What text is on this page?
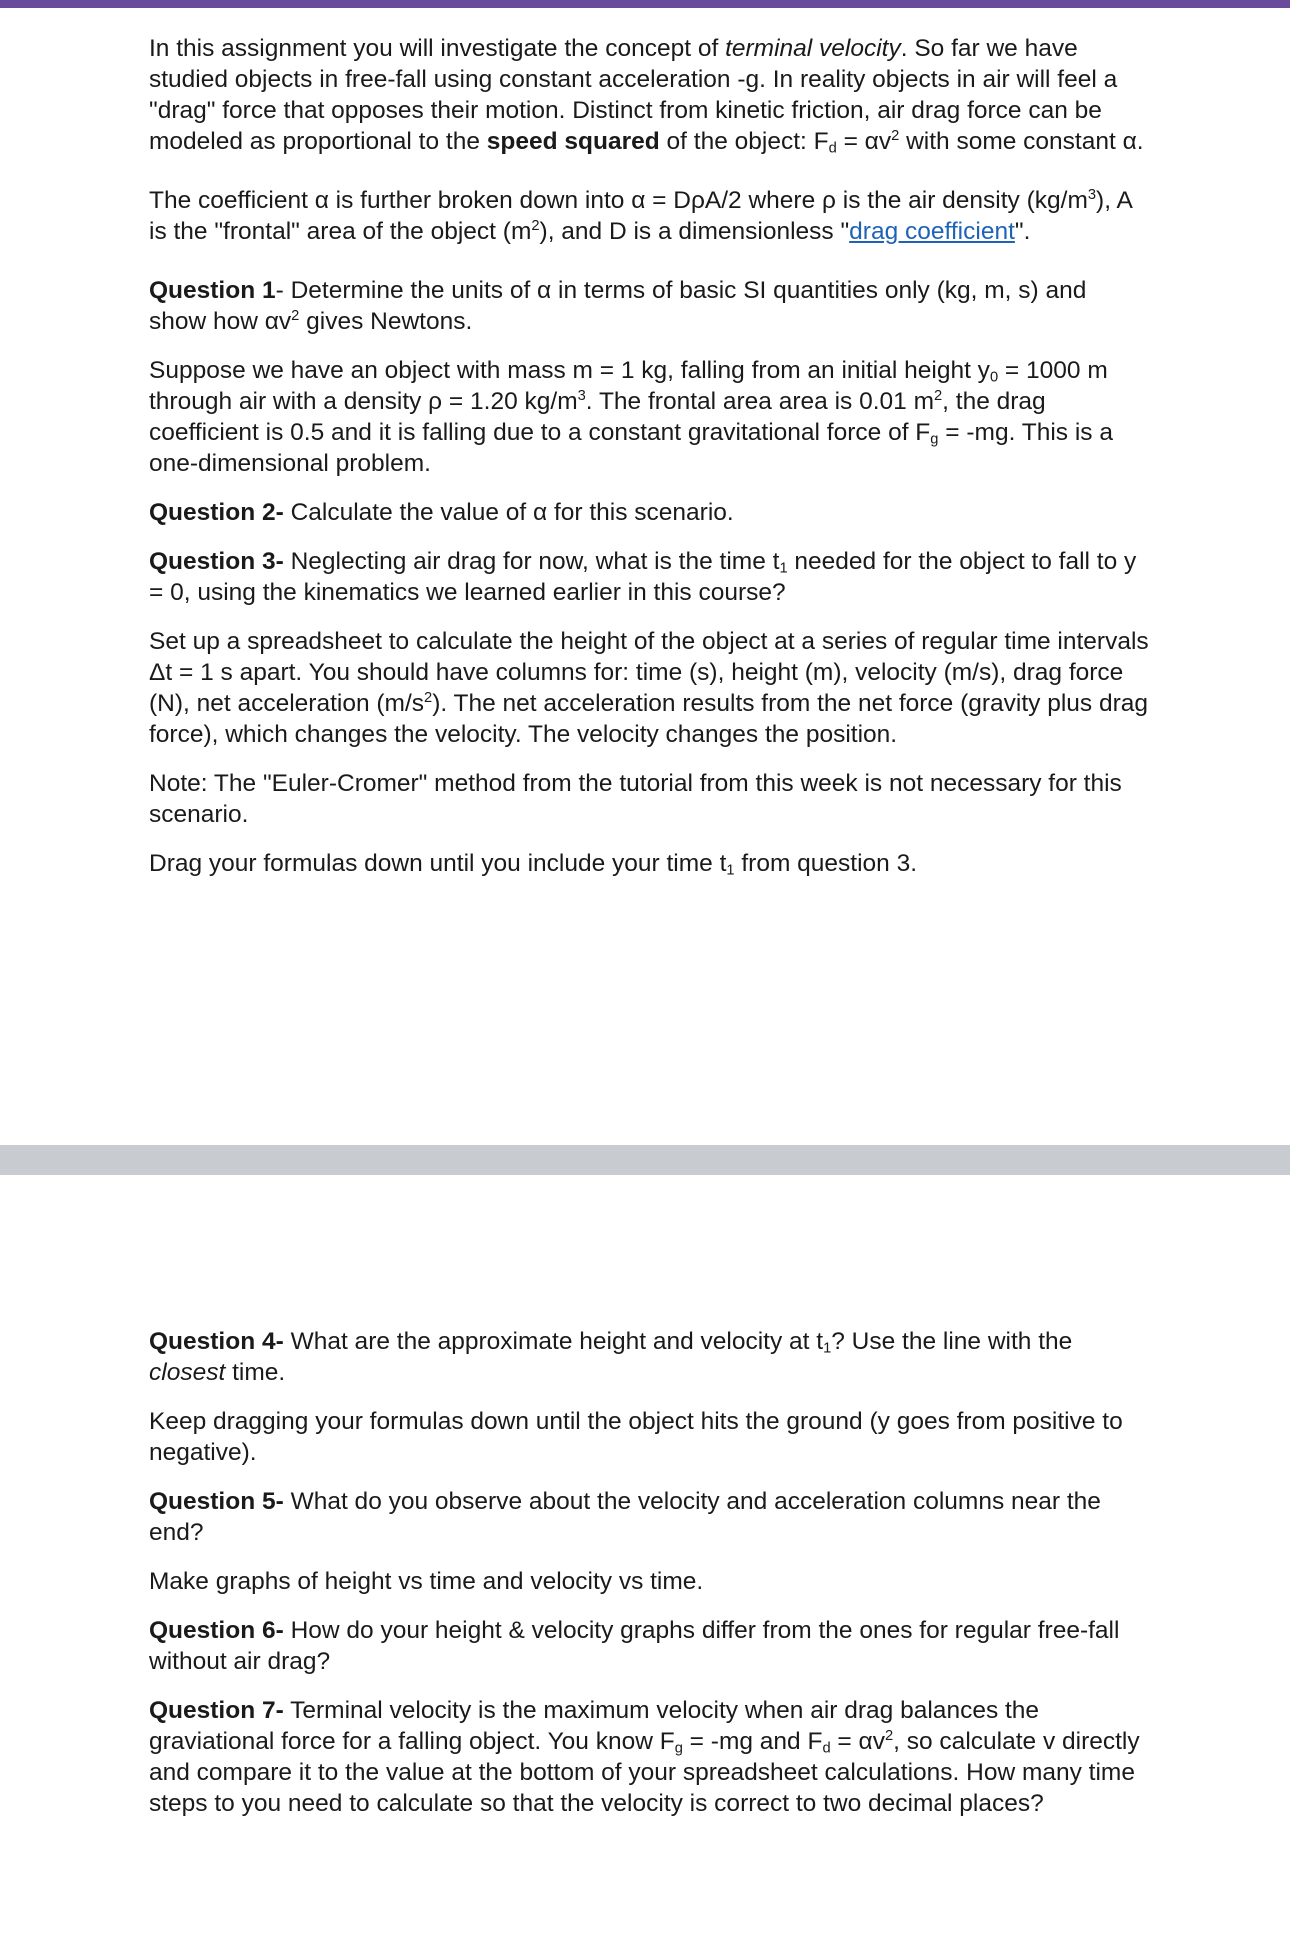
In this assignment you will investigate the concept of terminal velocity. So far we have studied objects in free-fall using constant acceleration -g. In reality objects in air will feel a "drag" force that opposes their motion. Distinct from kinetic friction, air drag force can be modeled as proportional to the speed squared of the object: $F_d = \alpha v^2$ with some constant α.

The coefficient α is further broken down into α = DρA/2 where ρ is the air density $(kg/m^3)$, A is the "frontal" area of the object $(m^2)$, and D is a dimensionless "drag coefficient".

Question 1- Determine the units of α in terms of basic SI quantities only (kg, m, s) and show how $\alpha v^2$ gives Newtons.

Suppose we have an object with mass m = 1 kg, falling from an initial height $y_0 = 1000$ m through air with a density ρ = 1.20 $kg/m^3$. The frontal area area is 0.01 $m^2$, the drag coefficient is 0.5 and it is falling due to a constant gravitational force of $F_g = -mg$. This is a one-dimensional problem.

Question 2- Calculate the value of α for this scenario.

Question 3- Neglecting air drag for now, what is the time $t_1$ needed for the object to fall to y = 0, using the kinematics we learned earlier in this course?

Set up a spreadsheet to calculate the height of the object at a series of regular time intervals Δt = 1 s apart. You should have columns for: time (s), height (m), velocity (m/s), drag force (N), net acceleration $(m/s^2)$. The net acceleration results from the net force (gravity plus drag force), which changes the velocity. The velocity changes the position.

Note: The "Euler-Cromer" method from the tutorial from this week is not necessary for this scenario.

Drag your formulas down until you include your time $t_1$ from question 3.

Question 4- What are the approximate height and velocity at $t_1$? Use the line with the closest time.

Keep dragging your formulas down until the object hits the ground (y goes from positive to negative).

Question 5- What do you observe about the velocity and acceleration columns near the end?

Make graphs of height vs time and velocity vs time.

Question 6- How do your height & velocity graphs differ from the ones for regular free-fall without air drag?

Question 7- Terminal velocity is the maximum velocity when air drag balances the graviational force for a falling object. You know $F_g = -mg$ and $F_d = \alpha v^2$, so calculate v directly and compare it to the value at the bottom of your spreadsheet calculations. How many time steps to you need to calculate so that the velocity is correct to two decimal places?
